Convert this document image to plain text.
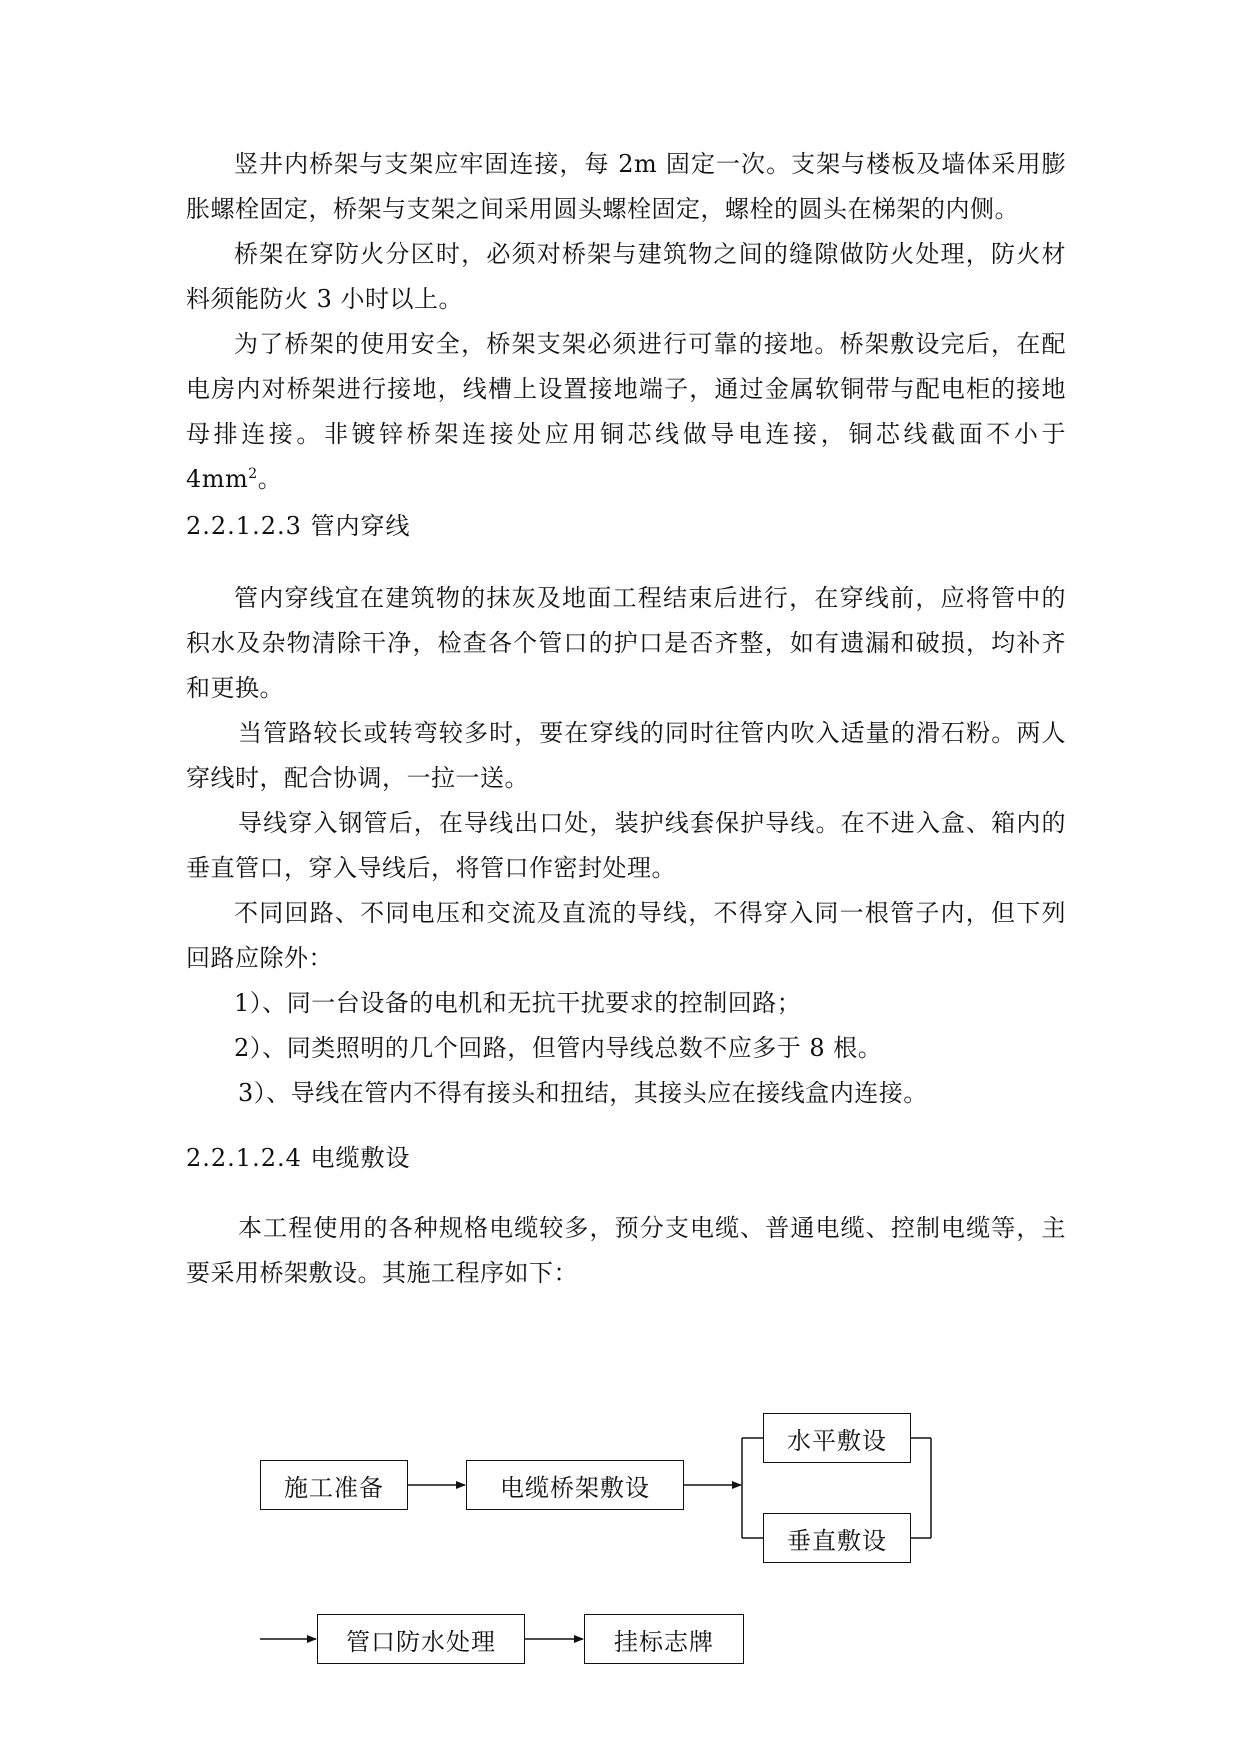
竖井内桥架与支架应牢固连接，每 2m 固定一次。支架与楼板及墙体采用膨胀螺栓固定，桥架与支架之间采用圆头螺栓固定，螺栓的圆头在梯架的内侧。

桥架在穿防火分区时，必须对桥架与建筑物之间的缝隙做防火处理，防火材料须能防火 3 小时以上。

为了桥架的使用安全，桥架支架必须进行可靠的接地。桥架敷设完后，在配电房内对桥架进行接地，线槽上设置接地端子，通过金属软铜带与配电柜的接地母排连接。非镀锌桥架连接处应用铜芯线做导电连接，铜芯线截面不小于 $4mm^2$。

2.2.1.2.3 管内穿线

管内穿线宜在建筑物的抹灰及地面工程结束后进行，在穿线前，应将管中的积水及杂物清除干净，检查各个管口的护口是否齐整，如有遗漏和破损，均补齐和更换。

当管路较长或转弯较多时，要在穿线的同时往管内吹入适量的滑石粉。两人穿线时，配合协调，一拉一送。

导线穿入钢管后，在导线出口处，装护线套保护导线。在不进入盒、箱内的垂直管口，穿入导线后，将管口作密封处理。

不同回路、不同电压和交流及直流的导线，不得穿入同一根管子内，但下列回路应除外：

1）、同一台设备的电机和无抗干扰要求的控制回路；

2）、同类照明的几个回路，但管内导线总数不应多于 8 根。

3）、导线在管内不得有接头和扭结，其接头应在接线盒内连接。

2.2.1.2.4 电缆敷设

本工程使用的各种规格电缆较多，预分支电缆、普通电缆、控制电缆等，主要采用桥架敷设。其施工程序如下：

施工准备	电缆桥架敷设
水平敷设
垂直敷设
管口防水处理	挂标志牌
